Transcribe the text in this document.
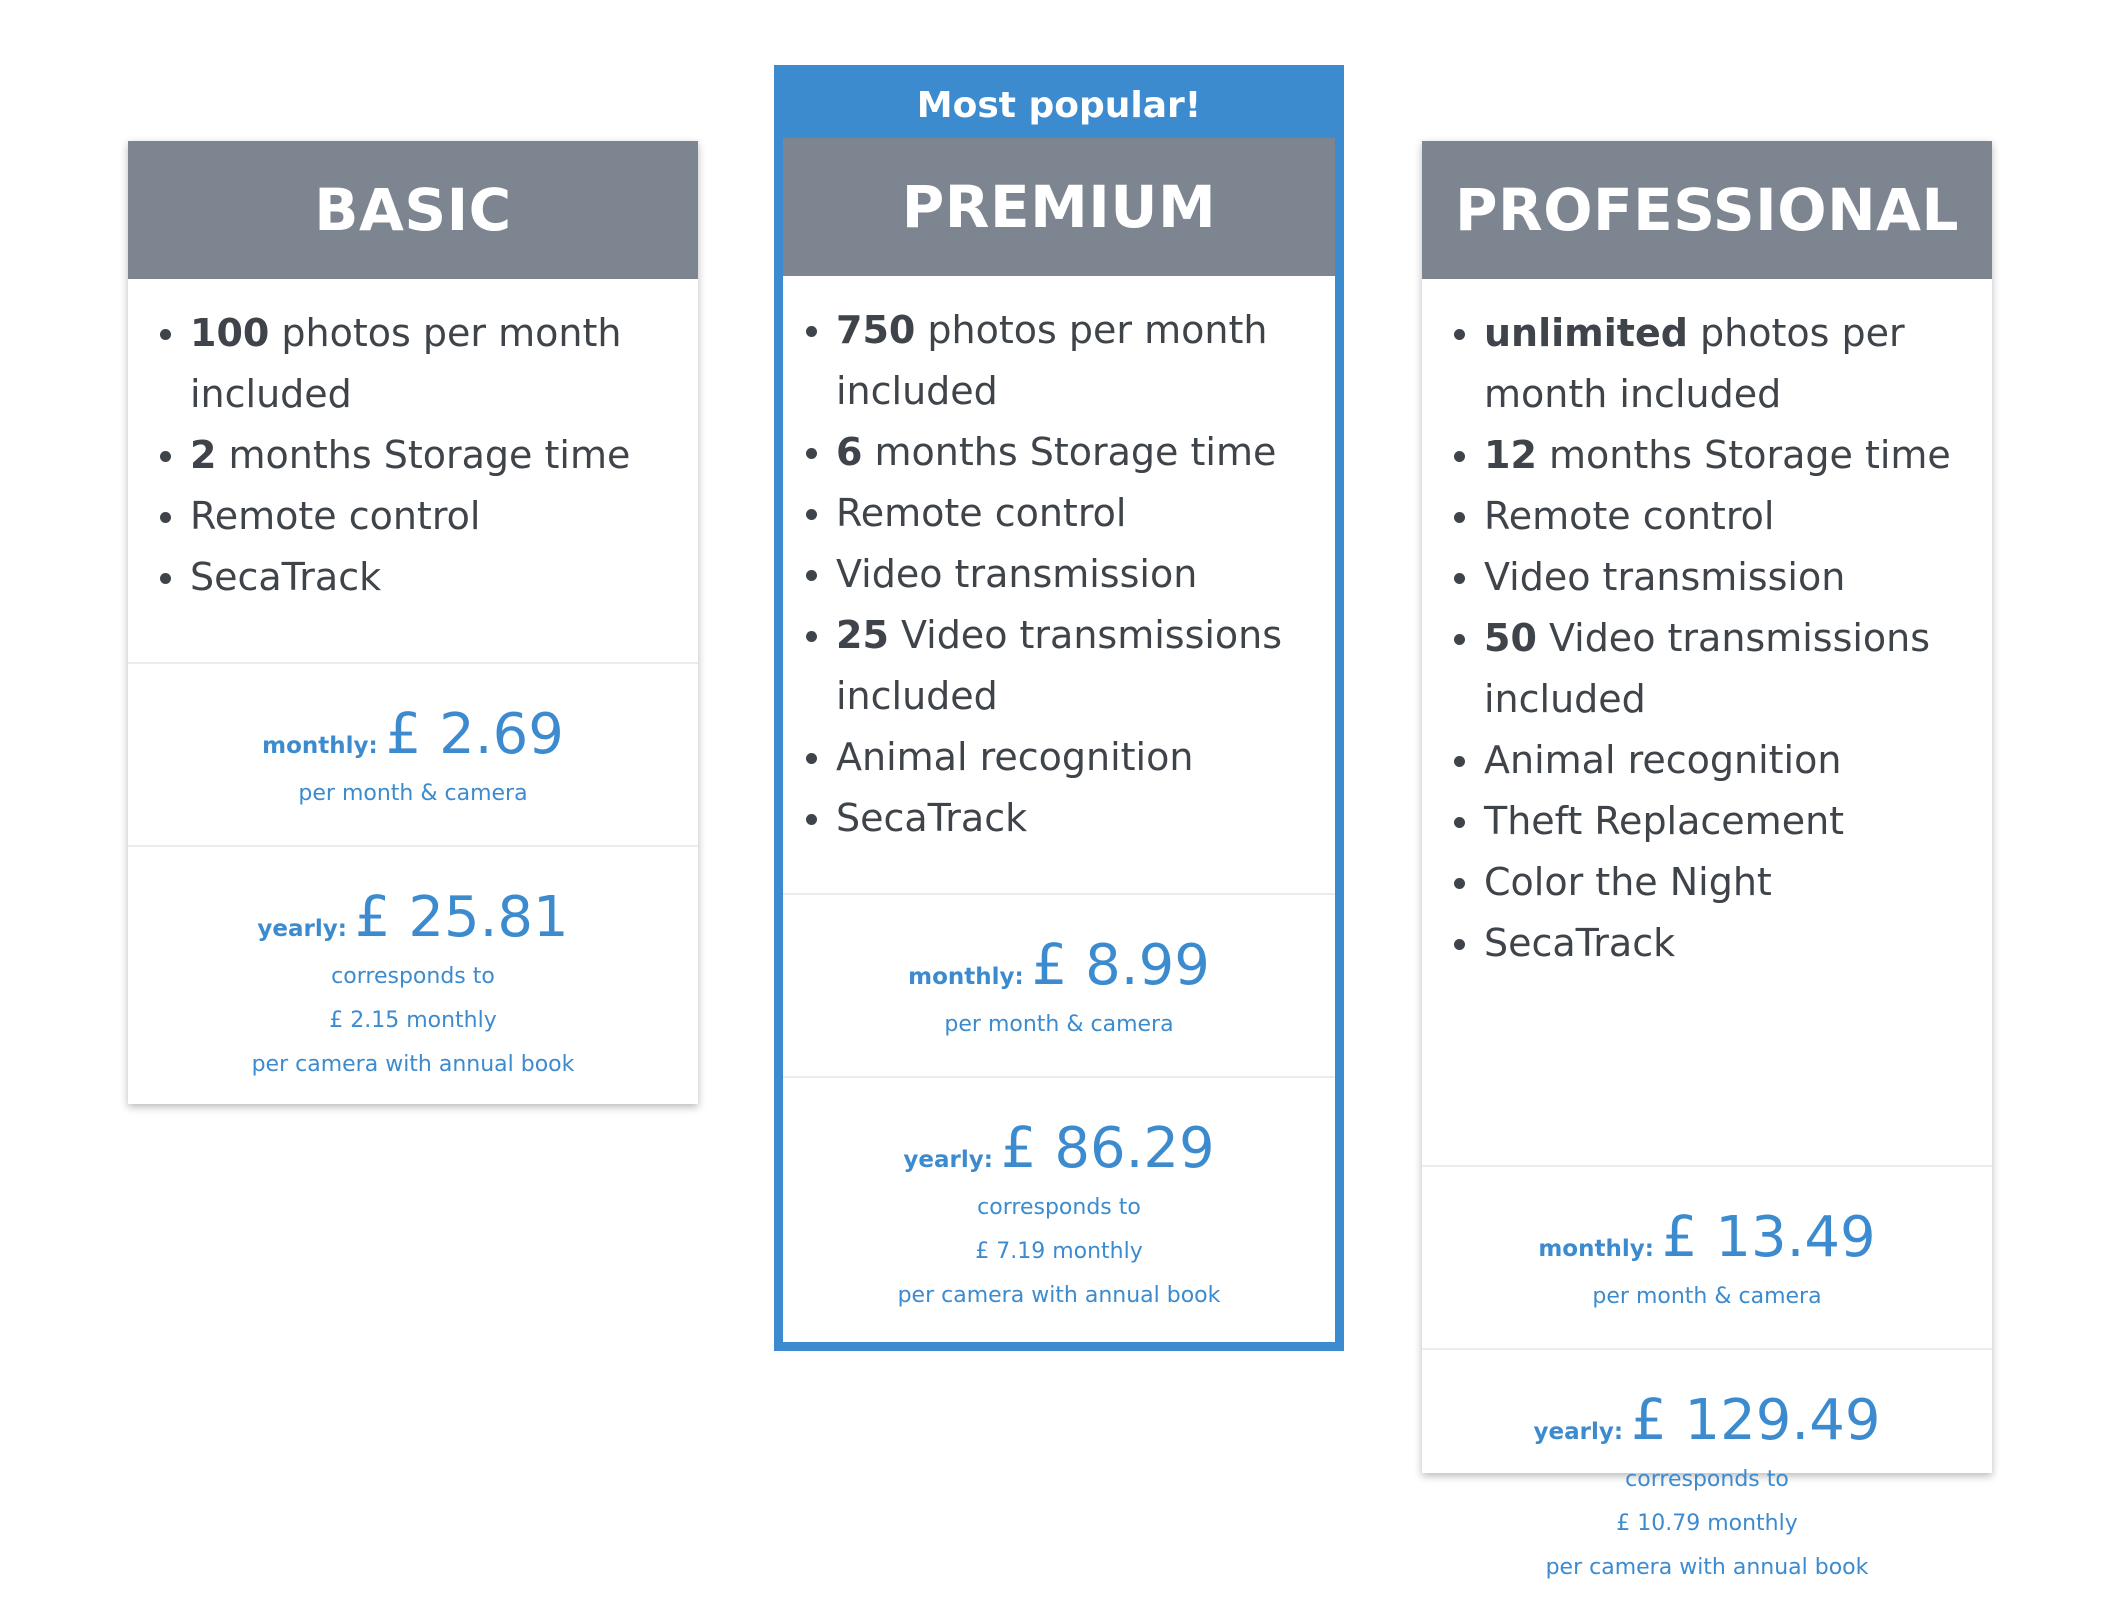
BASIC
100 photos per month included
2 months Storage time
Remote control
SecaTrack
monthly: £ 2.69
per month & camera
yearly: £ 25.81
corresponds to
£ 2.15 monthly
per camera with annual book
Most popular!
PREMIUM
750 photos per month included
6 months Storage time
Remote control
Video transmission
25 Video transmissions included
Animal recognition
SecaTrack
monthly: £ 8.99
per month & camera
yearly: £ 86.29
corresponds to
£ 7.19 monthly
per camera with annual book
PROFESSIONAL
unlimited photos per month included
12 months Storage time
Remote control
Video transmission
50 Video transmissions included
Animal recognition
Theft Replacement
Color the Night
SecaTrack
monthly: £ 13.49
per month & camera
yearly: £ 129.49
corresponds to
£ 10.79 monthly
per camera with annual book
